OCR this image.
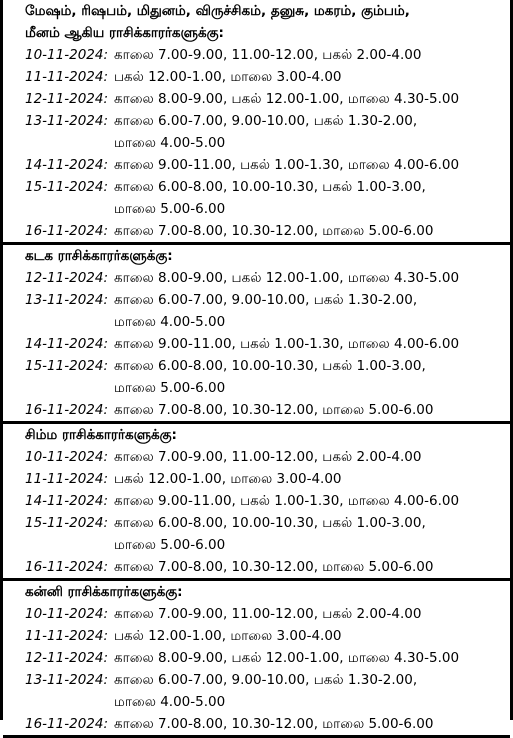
மேஷம், ரிஷபம், மிதுனம், விருச்சிகம், தனுசு, மகரம், கும்பம்,
மீனம் ஆகிய ராசிக்காரர்களுக்கு:
10-11-2024: காலை 7.00-9.00, 11.00-12.00, பகல் 2.00-4.00
11-11-2024: பகல் 12.00-1.00, மாலை 3.00-4.00
12-11-2024: காலை 8.00-9.00, பகல் 12.00-1.00, மாலை 4.30-5.00
13-11-2024: காலை 6.00-7.00, 9.00-10.00, பகல் 1.30-2.00,
மாலை 4.00-5.00
14-11-2024: காலை 9.00-11.00, பகல் 1.00-1.30, மாலை 4.00-6.00
15-11-2024: காலை 6.00-8.00, 10.00-10.30, பகல் 1.00-3.00,
மாலை 5.00-6.00
16-11-2024: காலை 7.00-8.00, 10.30-12.00, மாலை 5.00-6.00
கடக ராசிக்காரர்களுக்கு:
12-11-2024: காலை 8.00-9.00, பகல் 12.00-1.00, மாலை 4.30-5.00
13-11-2024: காலை 6.00-7.00, 9.00-10.00, பகல் 1.30-2.00,
மாலை 4.00-5.00
14-11-2024: காலை 9.00-11.00, பகல் 1.00-1.30, மாலை 4.00-6.00
15-11-2024: காலை 6.00-8.00, 10.00-10.30, பகல் 1.00-3.00,
மாலை 5.00-6.00
16-11-2024: காலை 7.00-8.00, 10.30-12.00, மாலை 5.00-6.00
சிம்ம ராசிக்காரர்களுக்கு:
10-11-2024: காலை 7.00-9.00, 11.00-12.00, பகல் 2.00-4.00
11-11-2024: பகல் 12.00-1.00, மாலை 3.00-4.00
14-11-2024: காலை 9.00-11.00, பகல் 1.00-1.30, மாலை 4.00-6.00
15-11-2024: காலை 6.00-8.00, 10.00-10.30, பகல் 1.00-3.00,
மாலை 5.00-6.00
16-11-2024: காலை 7.00-8.00, 10.30-12.00, மாலை 5.00-6.00
கன்னி ராசிக்காரர்களுக்கு:
10-11-2024: காலை 7.00-9.00, 11.00-12.00, பகல் 2.00-4.00
11-11-2024: பகல் 12.00-1.00, மாலை 3.00-4.00
12-11-2024: காலை 8.00-9.00, பகல் 12.00-1.00, மாலை 4.30-5.00
13-11-2024: காலை 6.00-7.00, 9.00-10.00, பகல் 1.30-2.00,
மாலை 4.00-5.00
16-11-2024: காலை 7.00-8.00, 10.30-12.00, மாலை 5.00-6.00
